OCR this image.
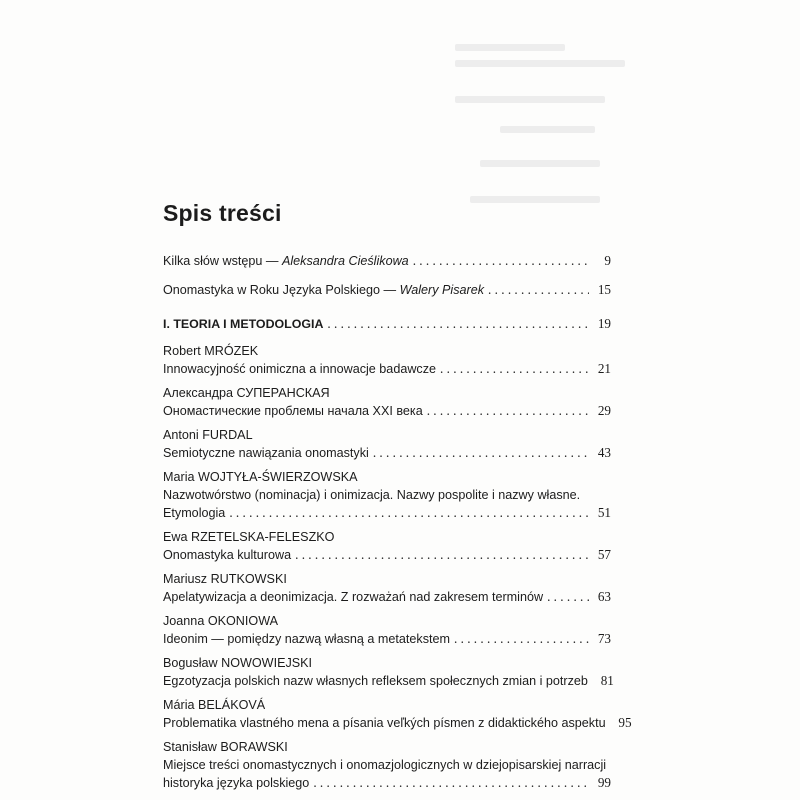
Spis treści
Kilka słów wstępu — Aleksandra Cieślikowa . . .	9
Onomastyka w Roku Języka Polskiego — Walery Pisarek . . .	15
I. TEORIA I METODOLOGIA . . .	19
Robert MRÓZEK
Innowacyjność onimiczna a innowacje badawcze . . .	21
Александра СУПЕРАНСКАЯ
Ономастические проблемы начала XXI века . . .	29
Antoni FURDAL
Semiotyczne nawiązania onomastyki . . .	43
Maria WOJTYŁA-ŚWIERZOWSKA
Nazwotwórstwo (nominacja) i onimizacja. Nazwy pospolite i nazwy własne.
Etymologia . . .	51
Ewa RZETELSKA-FELESZKO
Onomastyka kulturowa . . .	57
Mariusz RUTKOWSKI
Apelatywizacja a deonimizacja. Z rozważań nad zakresem terminów . . .	63
Joanna OKONIOWA
Ideonim — pomiędzy nazwą własną a metatekstem . . .	73
Bogusław NOWOWIEJSKI
Egzotyzacja polskich nazw własnych refleksem społecznych zmian i potrzeb 81
Mária BELÁKOVÁ
Problematika vlastného mena a písania veľkých písmen z didaktického aspektu 95
Stanisław BORAWSKI
Miejsce treści onomastycznych i onomazjologicznych w dziejopisarskiej narracji
historyka języka polskiego . . .	99
